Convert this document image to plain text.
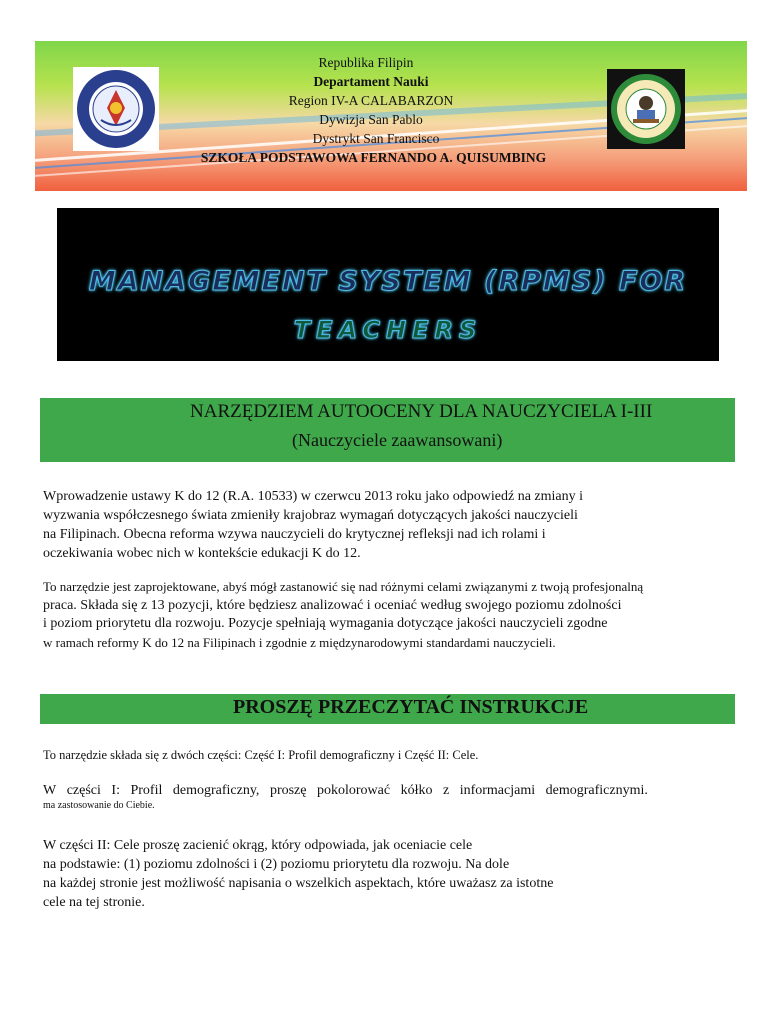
Republika Filipin
Departament Nauki
Region IV-A CALABARZON
Dywizja San Pablo
Dystrykt San Francisco
SZKOŁA PODSTAWOWA FERNANDO A. QUISUMBING
MANAGEMENT SYSTEM (RPMS) FOR
TEACHERS
NARZĘDZIEM AUTOOCENY DLA NAUCZYCIELA I-III
(Nauczyciele zaawansowani)
Wprowadzenie ustawy K do 12 (R.A. 10533) w czerwcu 2013 roku jako odpowiedź na zmiany i
wyzwania współczesnego świata zmieniły krajobraz wymagań dotyczących jakości nauczycieli
na Filipinach. Obecna reforma wzywa nauczycieli do krytycznej refleksji nad ich rolami i
oczekiwania wobec nich w kontekście edukacji K do 12.
To narzędzie jest zaprojektowane, abyś mógł zastanowić się nad różnymi celami związanymi z twoją profesjonalną
praca. Składa się z 13 pozycji, które będziesz analizować i oceniać według swojego poziomu zdolności
i poziom priorytetu dla rozwoju. Pozycje spełniają wymagania dotyczące jakości nauczycieli zgodne
w ramach reformy K do 12 na Filipinach i zgodnie z międzynarodowymi standardami nauczycieli.
PROSZĘ PRZECZYTAĆ INSTRUKCJE
To narzędzie składa się z dwóch części: Część I: Profil demograficzny i Część II: Cele.
W części I: Profil demograficzny, proszę pokolorować kółko z informacjami demograficznymi.
ma zastosowanie do Ciebie.
W części II: Cele proszę zacienić okrąg, który odpowiada, jak oceniacie cele
na podstawie: (1) poziomu zdolności i (2) poziomu priorytetu dla rozwoju. Na dole
na każdej stronie jest możliwość napisania o wszelkich aspektach, które uważasz za istotne
cele na tej stronie.
